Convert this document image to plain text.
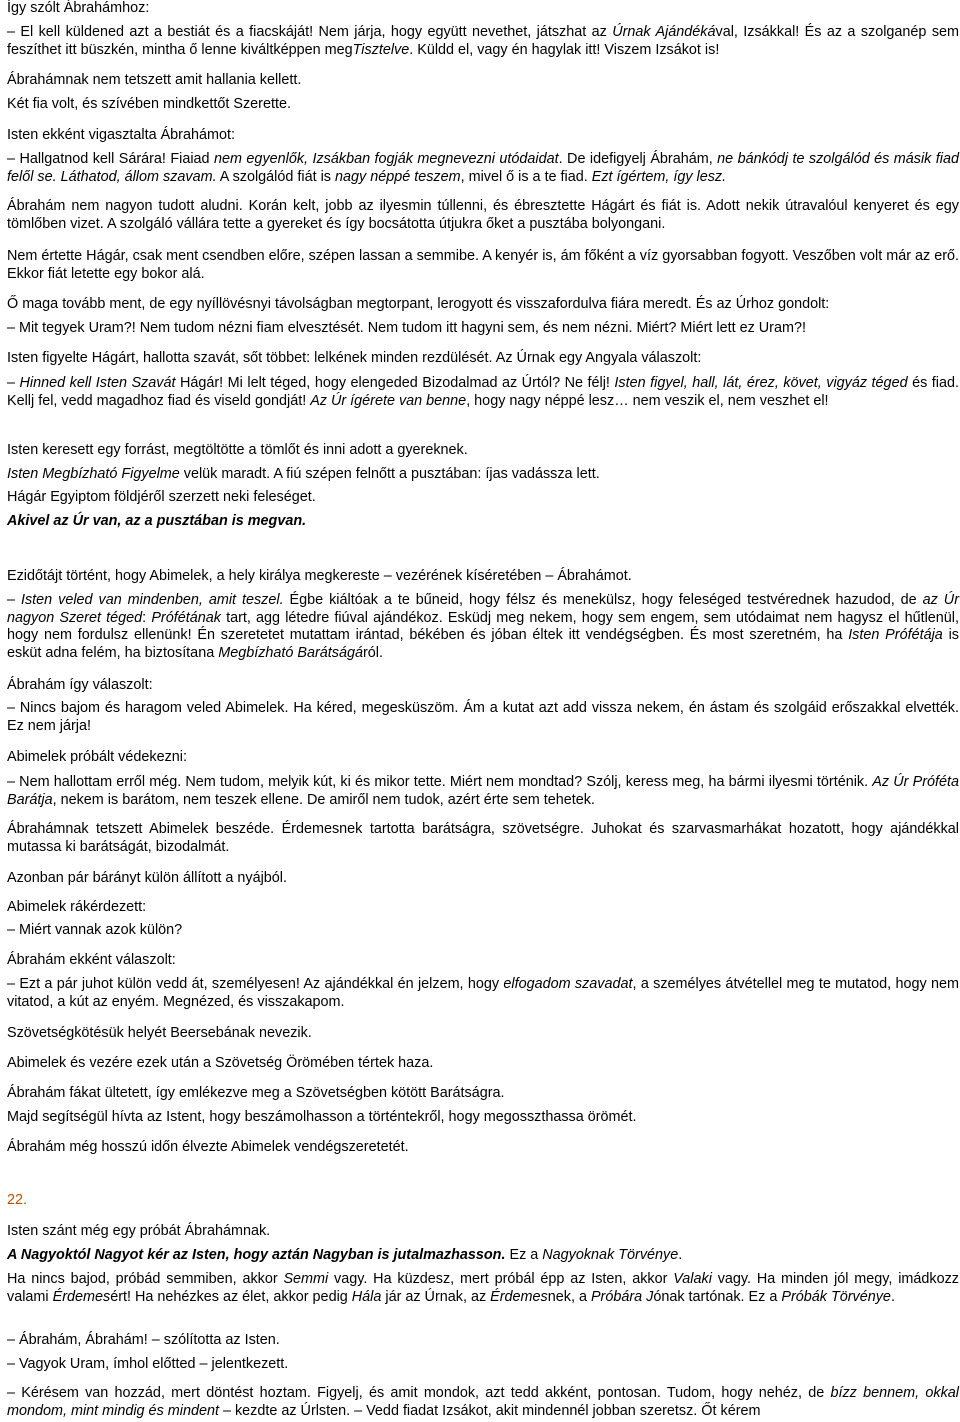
Így szólt Ábrahámhoz:

– El kell küldened azt a bestiát és a fiacskáját! Nem járja, hogy együtt nevethet, játszhat az Úrnak Ajándékával, Izsákkal! És az a szolganép sem feszíthet itt büszkén, mintha ő lenne kiváltképpen megTisztelve. Küldd el, vagy én hagylak itt! Viszem Izsákot is!

Ábrahámnak nem tetszett amit hallania kellett.

Két fia volt, és szívében mindkettőt Szerette.

Isten ekként vigasztalta Ábrahámot:

– Hallgatnod kell Sárára! Fiaiad nem egyenlők, Izsákban fogják megnevezni utódaidat. De idefigyelj Ábrahám, ne bánkódj te szolgálód és másik fiad felől se. Láthatod, állom szavam. A szolgálód fiát is nagy néppé teszem, mivel ő is a te fiad. Ezt ígértem, így lesz.

Ábrahám nem nagyon tudott aludni. Korán kelt, jobb az ilyesmin túllenni, és ébresztette Hágárt és fiát is. Adott nekik útravalóul kenyeret és egy tömlőben vizet. A szolgáló vállára tette a gyereket és így bocsátotta útjukra őket a pusztába bolyongani.

Nem értette Hágár, csak ment csendben előre, szépen lassan a semmibe. A kenyér is, ám főként a víz gyorsabban fogyott. Veszőben volt már az erő. Ekkor fiát letette egy bokor alá.

Ő maga tovább ment, de egy nyíllövésnyi távolságban megtorpant, lerogyott és visszafordulva fiára meredt. És az Úrhoz gondolt:

– Mit tegyek Uram?! Nem tudom nézni fiam elvesztését. Nem tudom itt hagyni sem, és nem nézni. Miért? Miért lett ez Uram?!

Isten figyelte Hágárt, hallotta szavát, sőt többet: lelkének minden rezdülését. Az Úrnak egy Angyala válaszolt:

– Hinned kell Isten Szavát Hágár! Mi lelt téged, hogy elengeded Bizodalmad az Úrtól? Ne félj! Isten figyel, hall, lát, érez, követ, vigyáz téged és fiad. Kellj fel, vedd magadhoz fiad és viseld gondját! Az Úr ígérete van benne, hogy nagy néppé lesz… nem veszik el, nem veszhet el!

Isten keresett egy forrást, megtöltötte a tömlőt és inni adott a gyereknek.

Isten Megbízható Figyelme velük maradt. A fiú szépen felnőtt a pusztában: íjas vadássza lett.

Hágár Egyiptom földjéről szerzett neki feleséget.

Akivel az Úr van, az a pusztában is megvan.

Ezidőtájt történt, hogy Abimelek, a hely királya megkereste – vezérének kíséretében – Ábrahámot.

– Isten veled van mindenben, amit teszel. Égbe kiáltóak a te bűneid, hogy félsz és menekülsz, hogy feleséged testvérednek hazudod, de az Úr nagyon Szeret téged: Prófétának tart, agg létedre fiúval ajándékoz. Esküdj meg nekem, hogy sem engem, sem utódaimat nem hagysz el hűtlenül, hogy nem fordulsz ellenünk! Én szeretetet mutattam irántad, békében és jóban éltek itt vendégségben. És most szeretném, ha Isten Prófétája is esküt adna felém, ha biztosítana Megbízható Barátságáról.

Ábrahám így válaszolt:

– Nincs bajom és haragom veled Abimelek. Ha kéred, megesküszöm. Ám a kutat azt add vissza nekem, én ástam és szolgáid erőszakkal elvették. Ez nem járja!

Abimelek próbált védekezni:

– Nem hallottam erről még. Nem tudom, melyik kút, ki és mikor tette. Miért nem mondtad? Szólj, keress meg, ha bármi ilyesmi történik. Az Úr Próféta Barátja, nekem is barátom, nem teszek ellene. De amiről nem tudok, azért érte sem tehetek.

Ábrahámnak tetszett Abimelek beszéde. Érdemesnek tartotta barátságra, szövetségre. Juhokat és szarvasmarhákat hozatott, hogy ajándékkal mutassa ki barátságát, bizodalmát.

Azonban pár bárányt külön állított a nyájból.

Abimelek rákérdezett:

– Miért vannak azok külön?

Ábrahám ekként válaszolt:

– Ezt a pár juhot külön vedd át, személyesen! Az ajándékkal én jelzem, hogy elfogadom szavadat, a személyes átvétellel meg te mutatod, hogy nem vitatod, a kút az enyém. Megnézed, és visszakapom.

Szövetségkötésük helyét Beersebának nevezik.

Abimelek és vezére ezek után a Szövetség Örömében tértek haza.

Ábrahám fákat ültetett, így emlékezve meg a Szövetségben kötött Barátságra.

Majd segítségül hívta az Istent, hogy beszámolhasson a történtekről, hogy megosszthassa örömét.

Ábrahám még hosszú időn élvezte Abimelek vendégszeretetét.

22.

Isten szánt még egy próbát Ábrahámnak.

A Nagyoktól Nagyot kér az Isten, hogy aztán Nagyban is jutalmazhasson. Ez a Nagyoknak Törvénye.

Ha nincs bajod, próbád semmiben, akkor Semmi vagy. Ha küzdesz, mert próbál épp az Isten, akkor Valaki vagy. Ha minden jól megy, imádkozz valami Érdemesért! Ha nehézkes az élet, akkor pedig Hála jár az Úrnak, az Érdemesnek, a Próbára Jónak tartónak. Ez a Próbák Törvénye.

– Ábrahám, Ábrahám! – szólította az Isten.

– Vagyok Uram, ímhol előtted – jelentkezett.

– Kérésem van hozzád, mert döntést hoztam. Figyelj, és amit mondok, azt tedd akként, pontosan. Tudom, hogy nehéz, de bízz bennem, okkal mondom, mint mindig és mindent – kezdte az Úrlsten. – Vedd fiadat Izsákot, akit mindennél jobban szeretsz. Őt kérem
